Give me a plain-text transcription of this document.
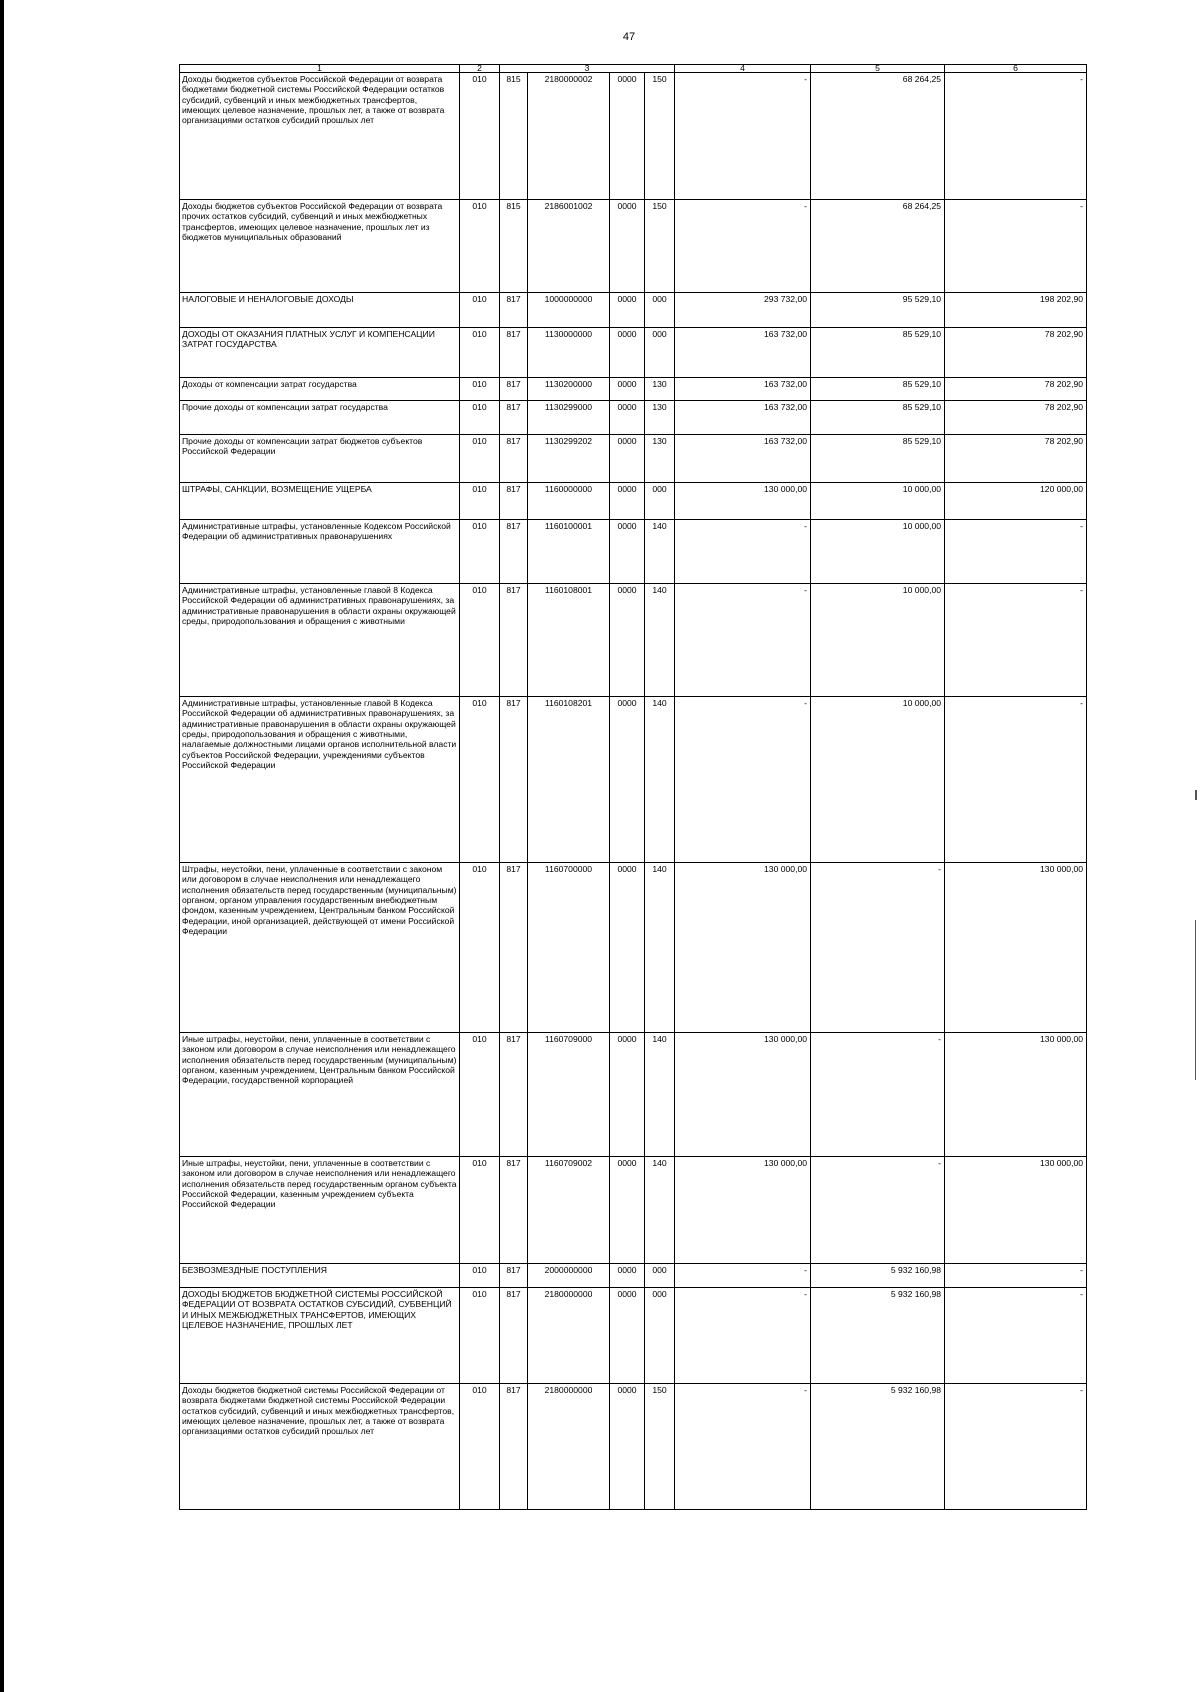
47
1	2	3				4	5	6
Доходы бюджетов субъектов Российской Федерации от возврата бюджетами бюджетной системы Российской Федерации остатков субсидий, субвенций и иных межбюджетных трансфертов, имеющих целевое назначение, прошлых лет, а также от возврата организациями остатков субсидий прошлых лет	010	815	2180000002	0000	150	-	68 264,25	-
Доходы бюджетов субъектов Российской Федерации от возврата прочих остатков субсидий, субвенций и иных межбюджетных трансфертов, имеющих целевое назначение, прошлых лет из бюджетов муниципальных образований	010	815	2186001002	0000	150	-	68 264,25	-
НАЛОГОВЫЕ И НЕНАЛОГОВЫЕ ДОХОДЫ	010	817	1000000000	0000	000	293 732,00	95 529,10	198 202,90
ДОХОДЫ ОТ ОКАЗАНИЯ ПЛАТНЫХ УСЛУГ И КОМПЕНСАЦИИ ЗАТРАТ ГОСУДАРСТВА	010	817	1130000000	0000	000	163 732,00	85 529,10	78 202,90
Доходы от компенсации затрат государства	010	817	1130200000	0000	130	163 732,00	85 529,10	78 202,90
Прочие доходы от компенсации затрат государства	010	817	1130299000	0000	130	163 732,00	85 529,10	78 202,90
Прочие доходы от компенсации затрат бюджетов субъектов Российской Федерации	010	817	1130299202	0000	130	163 732,00	85 529,10	78 202,90
ШТРАФЫ, САНКЦИИ, ВОЗМЕЩЕНИЕ УЩЕРБА	010	817	1160000000	0000	000	130 000,00	10 000,00	120 000,00
Административные штрафы, установленные Кодексом Российской Федерации об административных правонарушениях	010	817	1160100001	0000	140	-	10 000,00	-
Административные штрафы, установленные главой 8 Кодекса Российской Федерации об административных правонарушениях, за административные правонарушения в области охраны окружающей среды, природопользования и обращения с животными	010	817	1160108001	0000	140	-	10 000,00	-
Административные штрафы, установленные главой 8 Кодекса Российской Федерации об административных правонарушениях, за административные правонарушения в области охраны окружающей среды, природопользования и обращения с животными, налагаемые должностными лицами органов исполнительной власти субъектов Российской Федерации, учреждениями субъектов Российской Федерации	010	817	1160108201	0000	140	-	10 000,00	-
Штрафы, неустойки, пени, уплаченные в соответствии с законом или договором в случае неисполнения или ненадлежащего исполнения обязательств перед государственным (муниципальным) органом, органом управления государственным внебюджетным фондом, казенным учреждением, Центральным банком Российской Федерации, иной организацией, действующей от имени Российской Федерации	010	817	1160700000	0000	140	130 000,00	-	130 000,00
Иные штрафы, неустойки, пени, уплаченные в соответствии с законом или договором в случае неисполнения или ненадлежащего исполнения обязательств перед государственным (муниципальным) органом, казенным учреждением, Центральным банком Российской Федерации, государственной корпорацией	010	817	1160709000	0000	140	130 000,00	-	130 000,00
Иные штрафы, неустойки, пени, уплаченные в соответствии с законом или договором в случае неисполнения или ненадлежащего исполнения обязательств перед государственным органом субъекта Российской Федерации, казенным учреждением субъекта Российской Федерации	010	817	1160709002	0000	140	130 000,00	-	130 000,00
БЕЗВОЗМЕЗДНЫЕ ПОСТУПЛЕНИЯ	010	817	2000000000	0000	000	-	5 932 160,98	-
ДОХОДЫ БЮДЖЕТОВ БЮДЖЕТНОЙ СИСТЕМЫ РОССИЙСКОЙ ФЕДЕРАЦИИ ОТ ВОЗВРАТА ОСТАТКОВ СУБСИДИЙ, СУБВЕНЦИЙ И ИНЫХ МЕЖБЮДЖЕТНЫХ ТРАНСФЕРТОВ, ИМЕЮЩИХ ЦЕЛЕВОЕ НАЗНАЧЕНИЕ, ПРОШЛЫХ ЛЕТ	010	817	2180000000	0000	000	-	5 932 160,98	-
Доходы бюджетов бюджетной системы Российской Федерации от возврата бюджетами бюджетной системы Российской Федерации остатков субсидий, субвенций и иных межбюджетных трансфертов, имеющих целевое назначение, прошлых лет, а также от возврата организациями остатков субсидий прошлых лет	010	817	2180000000	0000	150	-	5 932 160,98	-
